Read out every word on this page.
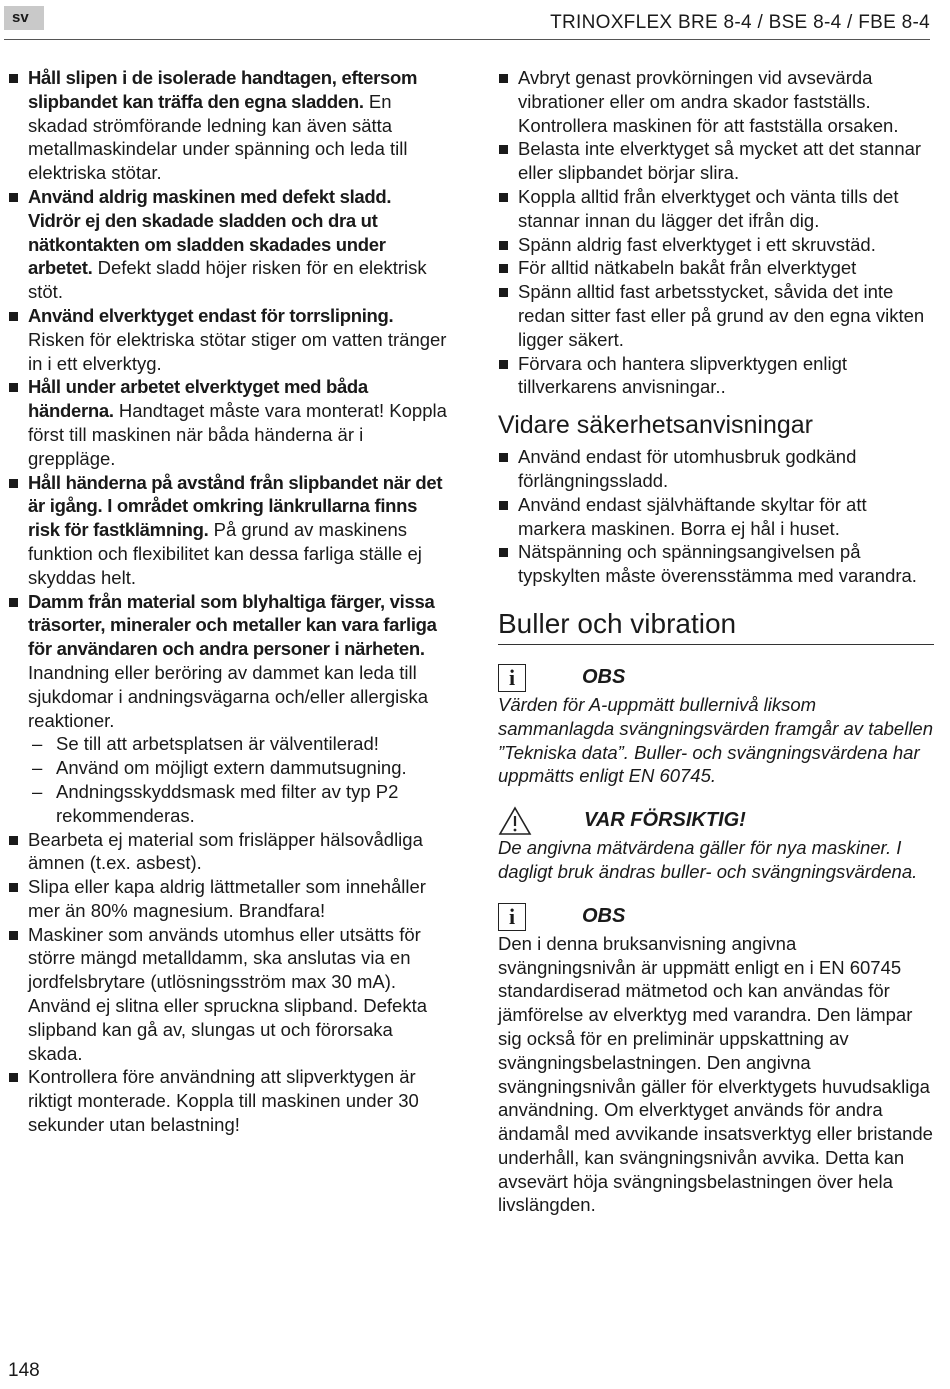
sv	TRINOXFLEX BRE 8-4 / BSE 8-4 / FBE 8-4
Håll slipen i de isolerade handtagen, eftersom slipbandet kan träffa den egna sladden. En skadad strömförande ledning kan även sätta metallmaskindelar under spänning och leda till elektriska stötar.
Använd aldrig maskinen med defekt sladd. Vidrör ej den skadade sladden och dra ut nätkontakten om sladden skadades under arbetet. Defekt sladd höjer risken för en elektrisk stöt.
Använd elverktyget endast för torrslipning. Risken för elektriska stötar stiger om vatten tränger in i ett elverktyg.
Håll under arbetet elverktyget med båda händerna. Handtaget måste vara monterat! Koppla först till maskinen när båda händerna är i greppläge.
Håll händerna på avstånd från slipbandet när det är igång. I området omkring länkrullarna finns risk för fastklämning. På grund av maskinens funktion och flexibilitet kan dessa farliga ställe ej skyddas helt.
Damm från material som blyhaltiga färger, vissa träsorter, mineraler och metaller kan vara farliga för användaren och andra personer i närheten. Inandning eller beröring av dammet kan leda till sjukdomar i andningsvägarna och/eller allergiska reaktioner.
– Se till att arbetsplatsen är välventilerad!
– Använd om möjligt extern dammutsugning.
– Andningsskyddsmask med filter av typ P2 rekommenderas.
Bearbeta ej material som frisläpper hälsovådliga ämnen (t.ex. asbest).
Slipa eller kapa aldrig lättmetaller som innehåller mer än 80% magnesium. Brandfara!
Maskiner som används utomhus eller utsätts för större mängd metalldamm, ska anslutas via en jordfelsbrytare (utlösningsström max 30 mA). Använd ej slitna eller spruckna slipband. Defekta slipband kan gå av, slungas ut och förorsaka skada.
Kontrollera före användning att slipverktygen är riktigt monterade. Koppla till maskinen under 30 sekunder utan belastning!
Avbryt genast provkörningen vid avsevärda vibrationer eller om andra skador fastställs. Kontrollera maskinen för att fastställa orsaken.
Belasta inte elverktyget så mycket att det stannar eller slipbandet börjar slira.
Koppla alltid från elverktyget och vänta tills det stannar innan du lägger det ifrån dig.
Spänn aldrig fast elverktyget i ett skruvstäd.
För alltid nätkabeln bakåt från elverktyget
Spänn alltid fast arbetsstycket, såvida det inte redan sitter fast eller på grund av den egna vikten ligger säkert.
Förvara och hantera slipverktygen enligt tillverkarens anvisningar..
Vidare säkerhetsanvisningar
Använd endast för utomhusbruk godkänd förlängningssladd.
Använd endast självhäftande skyltar för att markera maskinen. Borra ej hål i huset.
Nätspänning och spänningsangivelsen på typskylten måste överensstämma med varandra.
Buller och vibration
i	OBS
Värden för A-uppmätt bullernivå liksom sammanlagda svängningsvärden framgår av tabellen ”Tekniska data”. Buller- och svängningsvärdena har uppmätts enligt EN 60745.
VAR FÖRSIKTIG!
De angivna mätvärdena gäller för nya maskiner. I dagligt bruk ändras buller- och svängningsvärdena.
i	OBS
Den i denna bruksanvisning angivna svängningsnivån är uppmätt enligt en i EN 60745 standardiserad mätmetod och kan användas för jämförelse av elverktyg med varandra. Den lämpar sig också för en preliminär uppskattning av svängningsbelastningen. Den angivna svängningsnivån gäller för elverktygets huvudsakliga användning. Om elverktyget används för andra ändamål med avvikande insatsverktyg eller bristande underhåll, kan svängningsnivån avvika. Detta kan avsevärt höja svängningsbelastningen över hela livslängden.
148
